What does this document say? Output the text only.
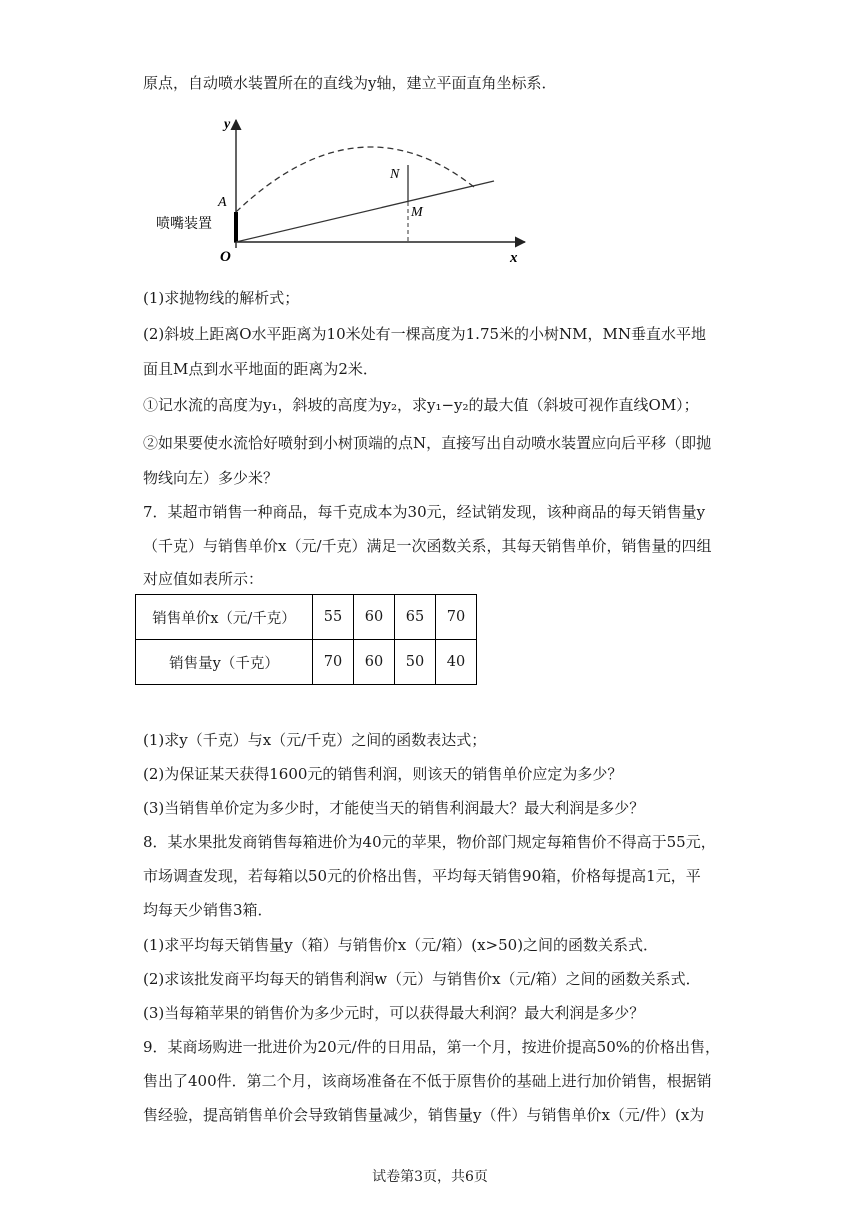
原点，自动喷水装置所在的直线为y轴，建立平面直角坐标系．
y
x
A
O
N
M
喷嘴装置
(1)求抛物线的解析式；
(2)斜坡上距离O水平距离为10米处有一棵高度为1.75米的小树NM，MN垂直水平地
面且M点到水平地面的距离为2米．
①记水流的高度为y₁，斜坡的高度为y₂，求y₁−y₂的最大值（斜坡可视作直线OM）；
②如果要使水流恰好喷射到小树顶端的点N，直接写出自动喷水装置应向后平移（即抛
物线向左）多少米？
7．某超市销售一种商品，每千克成本为30元，经试销发现，该种商品的每天销售量y
（千克）与销售单价x（元/千克）满足一次函数关系，其每天销售单价，销售量的四组
对应值如表所示：
销售单价x（元/千克）	55	60	65	70
销售量y（千克）	70	60	50	40
(1)求y（千克）与x（元/千克）之间的函数表达式；
(2)为保证某天获得1600元的销售利润，则该天的销售单价应定为多少？
(3)当销售单价定为多少时，才能使当天的销售利润最大？最大利润是多少？
8．某水果批发商销售每箱进价为40元的苹果，物价部门规定每箱售价不得高于55元，
市场调查发现，若每箱以50元的价格出售，平均每天销售90箱，价格每提高1元，平
均每天少销售3箱．
(1)求平均每天销售量y（箱）与销售价x（元/箱）(x>50)之间的函数关系式．
(2)求该批发商平均每天的销售利润w（元）与销售价x（元/箱）之间的函数关系式．
(3)当每箱苹果的销售价为多少元时，可以获得最大利润？最大利润是多少？
9．某商场购进一批进价为20元/件的日用品，第一个月，按进价提高50%的价格出售，
售出了400件．第二个月，该商场准备在不低于原售价的基础上进行加价销售，根据销
售经验，提高销售单价会导致销售量减少，销售量y（件）与销售单价x（元/件）(x为
试卷第3页，共6页
